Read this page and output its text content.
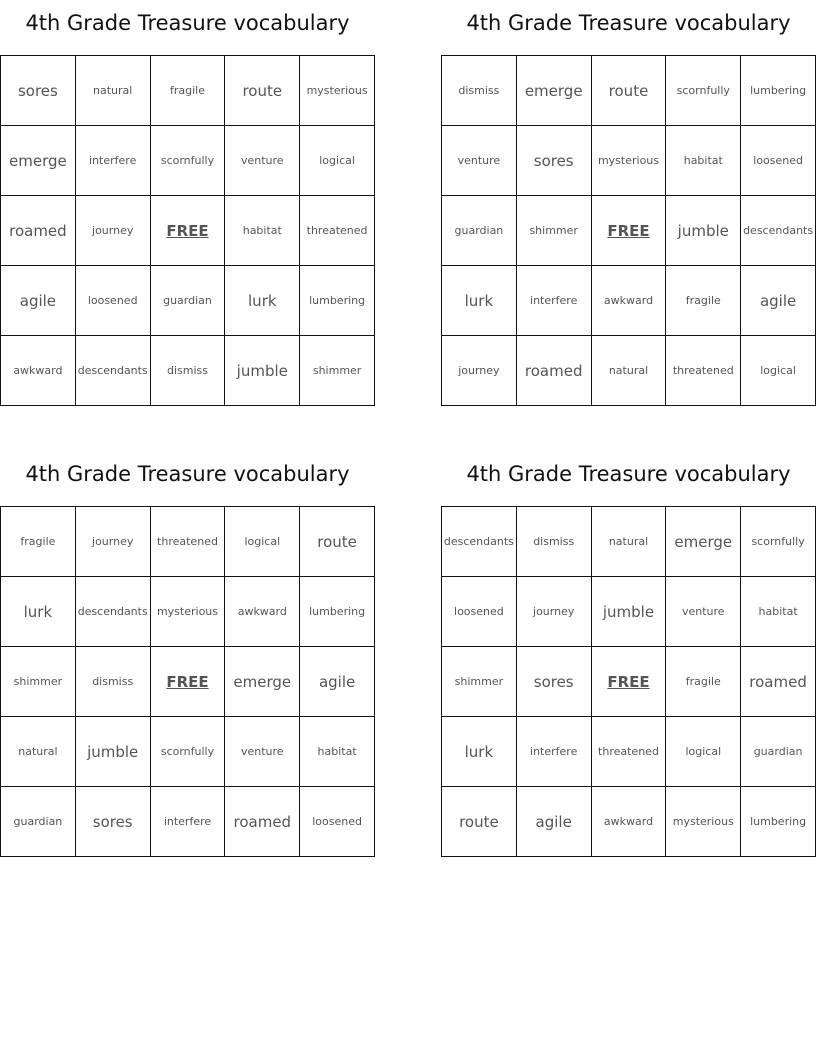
4th Grade Treasure vocabulary
sores	natural	fragile	route	mysterious
emerge	interfere	scornfully	venture	logical
roamed	journey	FREE	habitat	threatened
agile	loosened	guardian	lurk	lumbering
awkward	descendants	dismiss	jumble	shimmer
4th Grade Treasure vocabulary
dismiss	emerge	route	scornfully	lumbering
venture	sores	mysterious	habitat	loosened
guardian	shimmer	FREE	jumble	descendants
lurk	interfere	awkward	fragile	agile
journey	roamed	natural	threatened	logical
4th Grade Treasure vocabulary
fragile	journey	threatened	logical	route
lurk	descendants	mysterious	awkward	lumbering
shimmer	dismiss	FREE	emerge	agile
natural	jumble	scornfully	venture	habitat
guardian	sores	interfere	roamed	loosened
4th Grade Treasure vocabulary
descendants	dismiss	natural	emerge	scornfully
loosened	journey	jumble	venture	habitat
shimmer	sores	FREE	fragile	roamed
lurk	interfere	threatened	logical	guardian
route	agile	awkward	mysterious	lumbering
